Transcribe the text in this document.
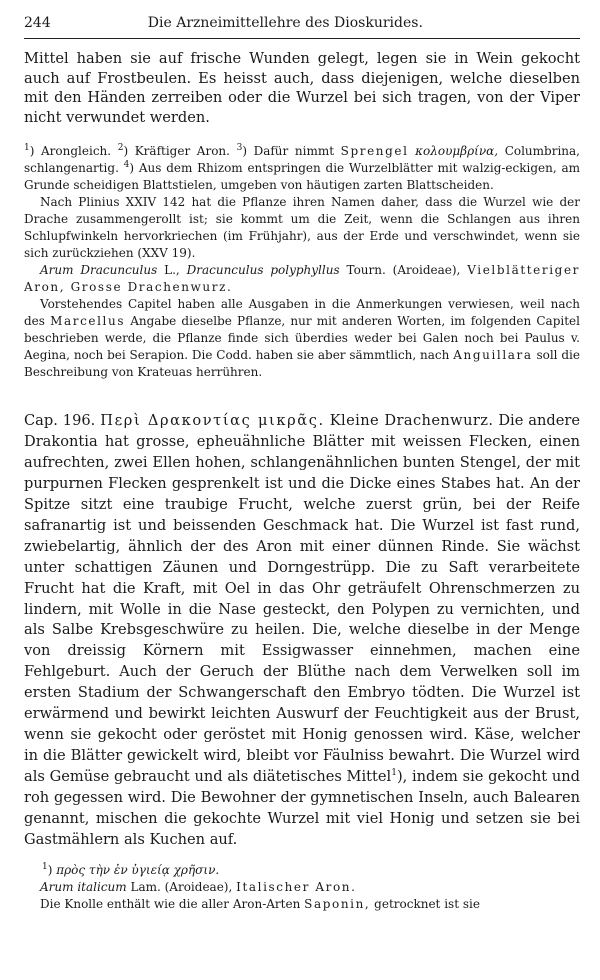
244	Die Arzneimittellehre des Dioskurides.
Mittel haben sie auf frische Wunden gelegt, legen sie in Wein gekocht auch auf Frostbeulen. Es heisst auch, dass diejenigen, welche dieselben mit den Händen zerreiben oder die Wurzel bei sich tragen, von der Viper nicht verwundet werden.

$^1$) Arongleich. $^2$) Kräftiger Aron. $^3$) Dafür nimmt Sprengel κολουμβρίνα, Columbrina, schlangenartig. $^4$) Aus dem Rhizom entspringen die Wurzelblätter mit walzig-eckigen, am Grunde scheidigen Blattstielen, umgeben von häutigen zarten Blattscheiden.

Nach Plinius XXIV 142 hat die Pflanze ihren Namen daher, dass die Wurzel wie der Drache zusammengerollt ist; sie kommt um die Zeit, wenn die Schlangen aus ihren Schlupfwinkeln hervorkriechen (im Frühjahr), aus der Erde und verschwindet, wenn sie sich zurückziehen (XXV 19).

Arum Dracunculus L., Dracunculus polyphyllus Tourn. (Aroideae), Vielblätteriger Aron, Grosse Drachenwurz.

Vorstehendes Capitel haben alle Ausgaben in die Anmerkungen verwiesen, weil nach des Marcellus Angabe dieselbe Pflanze, nur mit anderen Worten, im folgenden Capitel beschrieben werde, die Pflanze finde sich überdies weder bei Galen noch bei Paulus v. Aegina, noch bei Serapion. Die Codd. haben sie aber sämmtlich, nach Anguillara soll die Beschreibung von Krateuas herrühren.

Cap. 196. Περὶ Δρακοντίας μικρᾶς. Kleine Drachenwurz. Die andere Drakontia hat grosse, epheuähnliche Blätter mit weissen Flecken, einen aufrechten, zwei Ellen hohen, schlangenähnlichen bunten Stengel, der mit purpurnen Flecken gesprenkelt ist und die Dicke eines Stabes hat. An der Spitze sitzt eine traubige Frucht, welche zuerst grün, bei der Reife safranartig ist und beissenden Geschmack hat. Die Wurzel ist fast rund, zwiebelartig, ähnlich der des Aron mit einer dünnen Rinde. Sie wächst unter schattigen Zäunen und Dorngestrüpp. Die zu Saft verarbeitete Frucht hat die Kraft, mit Oel in das Ohr geträufelt Ohrenschmerzen zu lindern, mit Wolle in die Nase gesteckt, den Polypen zu vernichten, und als Salbe Krebsgeschwüre zu heilen. Die, welche dieselbe in der Menge von dreissig Körnern mit Essigwasser einnehmen, machen eine Fehlgeburt. Auch der Geruch der Blüthe nach dem Verwelken soll im ersten Stadium der Schwangerschaft den Embryo tödten. Die Wurzel ist erwärmend und bewirkt leichten Auswurf der Feuchtigkeit aus der Brust, wenn sie gekocht oder geröstet mit Honig genossen wird. Käse, welcher in die Blätter gewickelt wird, bleibt vor Fäulniss bewahrt. Die Wurzel wird als Gemüse gebraucht und als diätetisches Mittel$^1$), indem sie gekocht und roh gegessen wird. Die Bewohner der gymnetischen Inseln, auch Balearen genannt, mischen die gekochte Wurzel mit viel Honig und setzen sie bei Gastmählern als Kuchen auf.

$^1$) πρὸς τὴν ἐν ὑγιείᾳ χρῆσιν.

Arum italicum Lam. (Aroideae), Italischer Aron.

Die Knolle enthält wie die aller Aron-Arten Saponin, getrocknet ist sie
